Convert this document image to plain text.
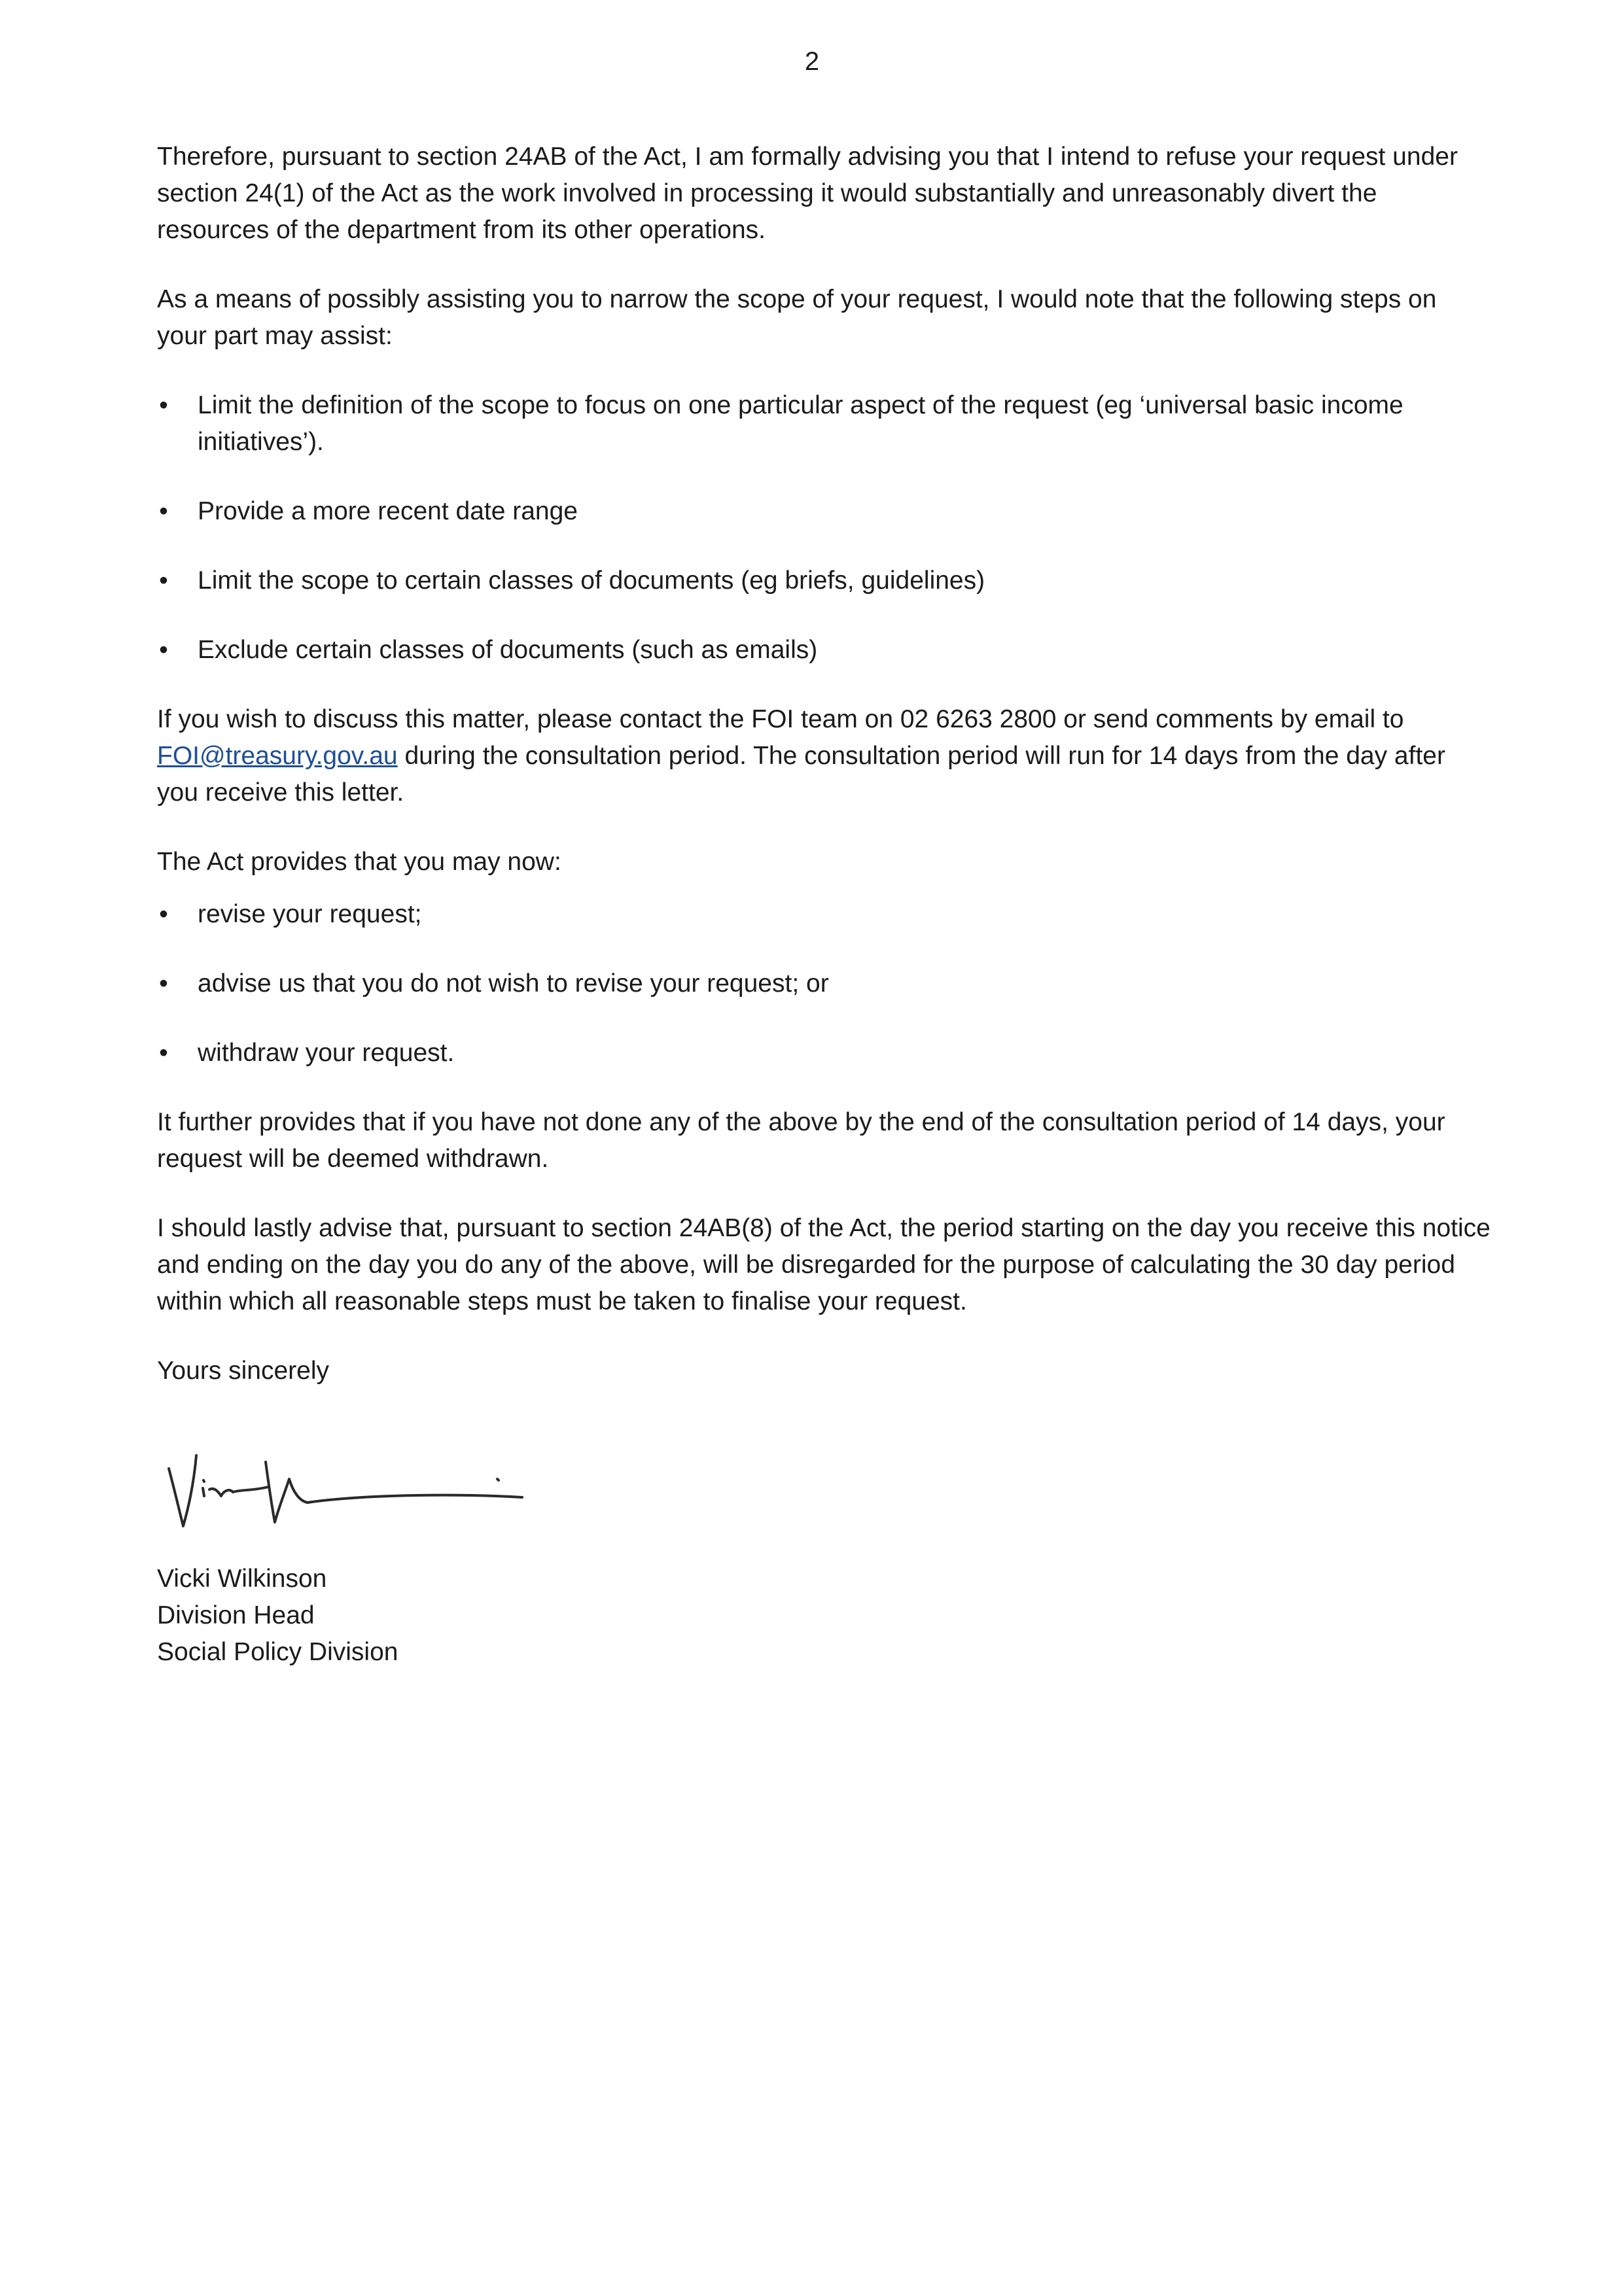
2

Therefore, pursuant to section 24AB of the Act, I am formally advising you that I intend to refuse your request under section 24(1) of the Act as the work involved in processing it would substantially and unreasonably divert the resources of the department from its other operations.

As a means of possibly assisting you to narrow the scope of your request, I would note that the following steps on your part may assist:

• Limit the definition of the scope to focus on one particular aspect of the request (eg ‘universal basic income initiatives’).
• Provide a more recent date range
• Limit the scope to certain classes of documents (eg briefs, guidelines)
• Exclude certain classes of documents (such as emails)

If you wish to discuss this matter, please contact the FOI team on 02 6263 2800 or send comments by email to FOI@treasury.gov.au during the consultation period. The consultation period will run for 14 days from the day after you receive this letter.

The Act provides that you may now:

• revise your request;
• advise us that you do not wish to revise your request; or
• withdraw your request.

It further provides that if you have not done any of the above by the end of the consultation period of 14 days, your request will be deemed withdrawn.

I should lastly advise that, pursuant to section 24AB(8) of the Act, the period starting on the day you receive this notice and ending on the day you do any of the above, will be disregarded for the purpose of calculating the 30 day period within which all reasonable steps must be taken to finalise your request.

Yours sincerely

Vicki Wilkinson
Division Head
Social Policy Division
